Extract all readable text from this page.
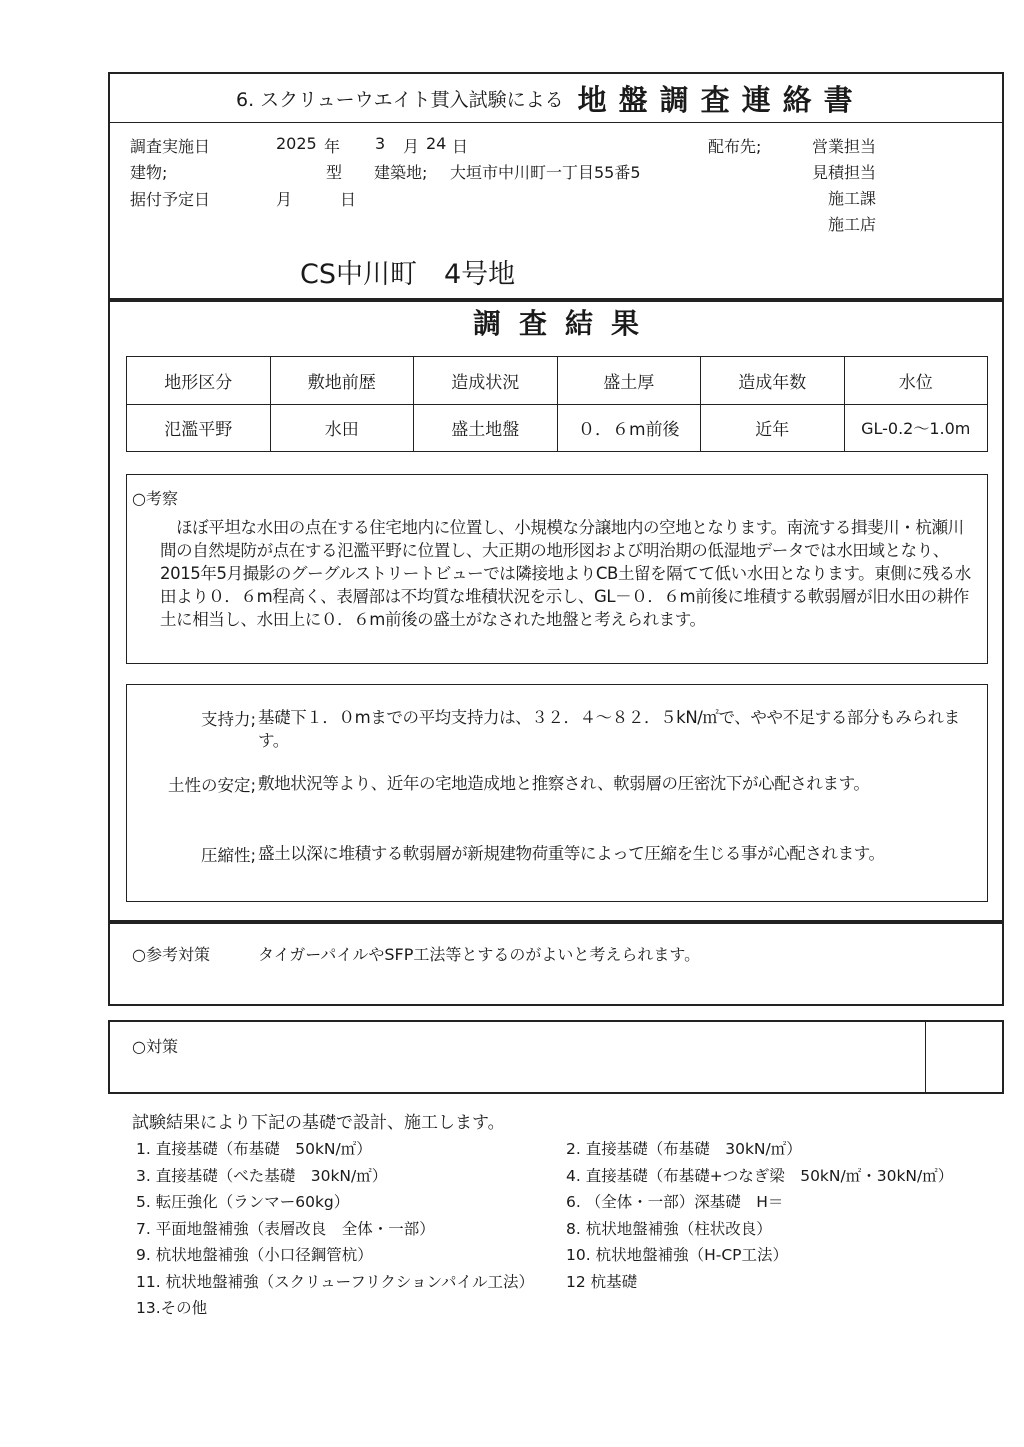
6. スクリューウエイト貫入試験による 地盤調査連絡書
調査実施日	2025 年 3 月 24 日	配布先;	営業担当
見積担当
施工課
施工店
建物;	型 建築地; 大垣市中川町一丁目55番5
据付予定日	月	日
CS中川町　4号地
調査結果
地形区分	敷地前歴	造成状況	盛土厚	造成年数	水位
氾濫平野	水田	盛土地盤	０．６m前後	近年	GL-0.2～1.0m
○考察
　ほぼ平坦な水田の点在する住宅地内に位置し、小規模な分譲地内の空地となります。南流する揖斐川・杭瀬川間の自然堤防が点在する氾濫平野に位置し、大正期の地形図および明治期の低湿地データでは水田域となり、2015年5月撮影のグーグルストリートビューでは隣接地よりCB土留を隔てて低い水田となります。東側に残る水田より０．６m程高く、表層部は不均質な堆積状況を示し、GL－０．６m前後に堆積する軟弱層が旧水田の耕作土に相当し、水田上に０．６m前後の盛土がなされた地盤と考えられます。
支持力; 基礎下１．０mまでの平均支持力は、３２．４～８２．５kN/㎡で、やや不足する部分もみられます。
土性の安定; 敷地状況等より、近年の宅地造成地と推察され、軟弱層の圧密沈下が心配されます。
圧縮性; 盛土以深に堆積する軟弱層が新規建物荷重等によって圧縮を生じる事が心配されます。
○参考対策	タイガーパイルやSFP工法等とするのがよいと考えられます。
○対策
試験結果により下記の基礎で設計、施工します。
1. 直接基礎（布基礎　50kN/㎡）
3. 直接基礎（べた基礎　30kN/㎡）
5. 転圧強化（ランマー60kg）
7. 平面地盤補強（表層改良　全体・一部）
9. 杭状地盤補強（小口径鋼管杭）
11. 杭状地盤補強（スクリューフリクションパイル工法）
13.その他
2. 直接基礎（布基礎　30kN/㎡）
4. 直接基礎（布基礎+つなぎ梁　50kN/㎡・30kN/㎡）
6. （全体・一部）深基礎　H＝
8. 杭状地盤補強（柱状改良）
10. 杭状地盤補強（H-CP工法）
12 杭基礎
